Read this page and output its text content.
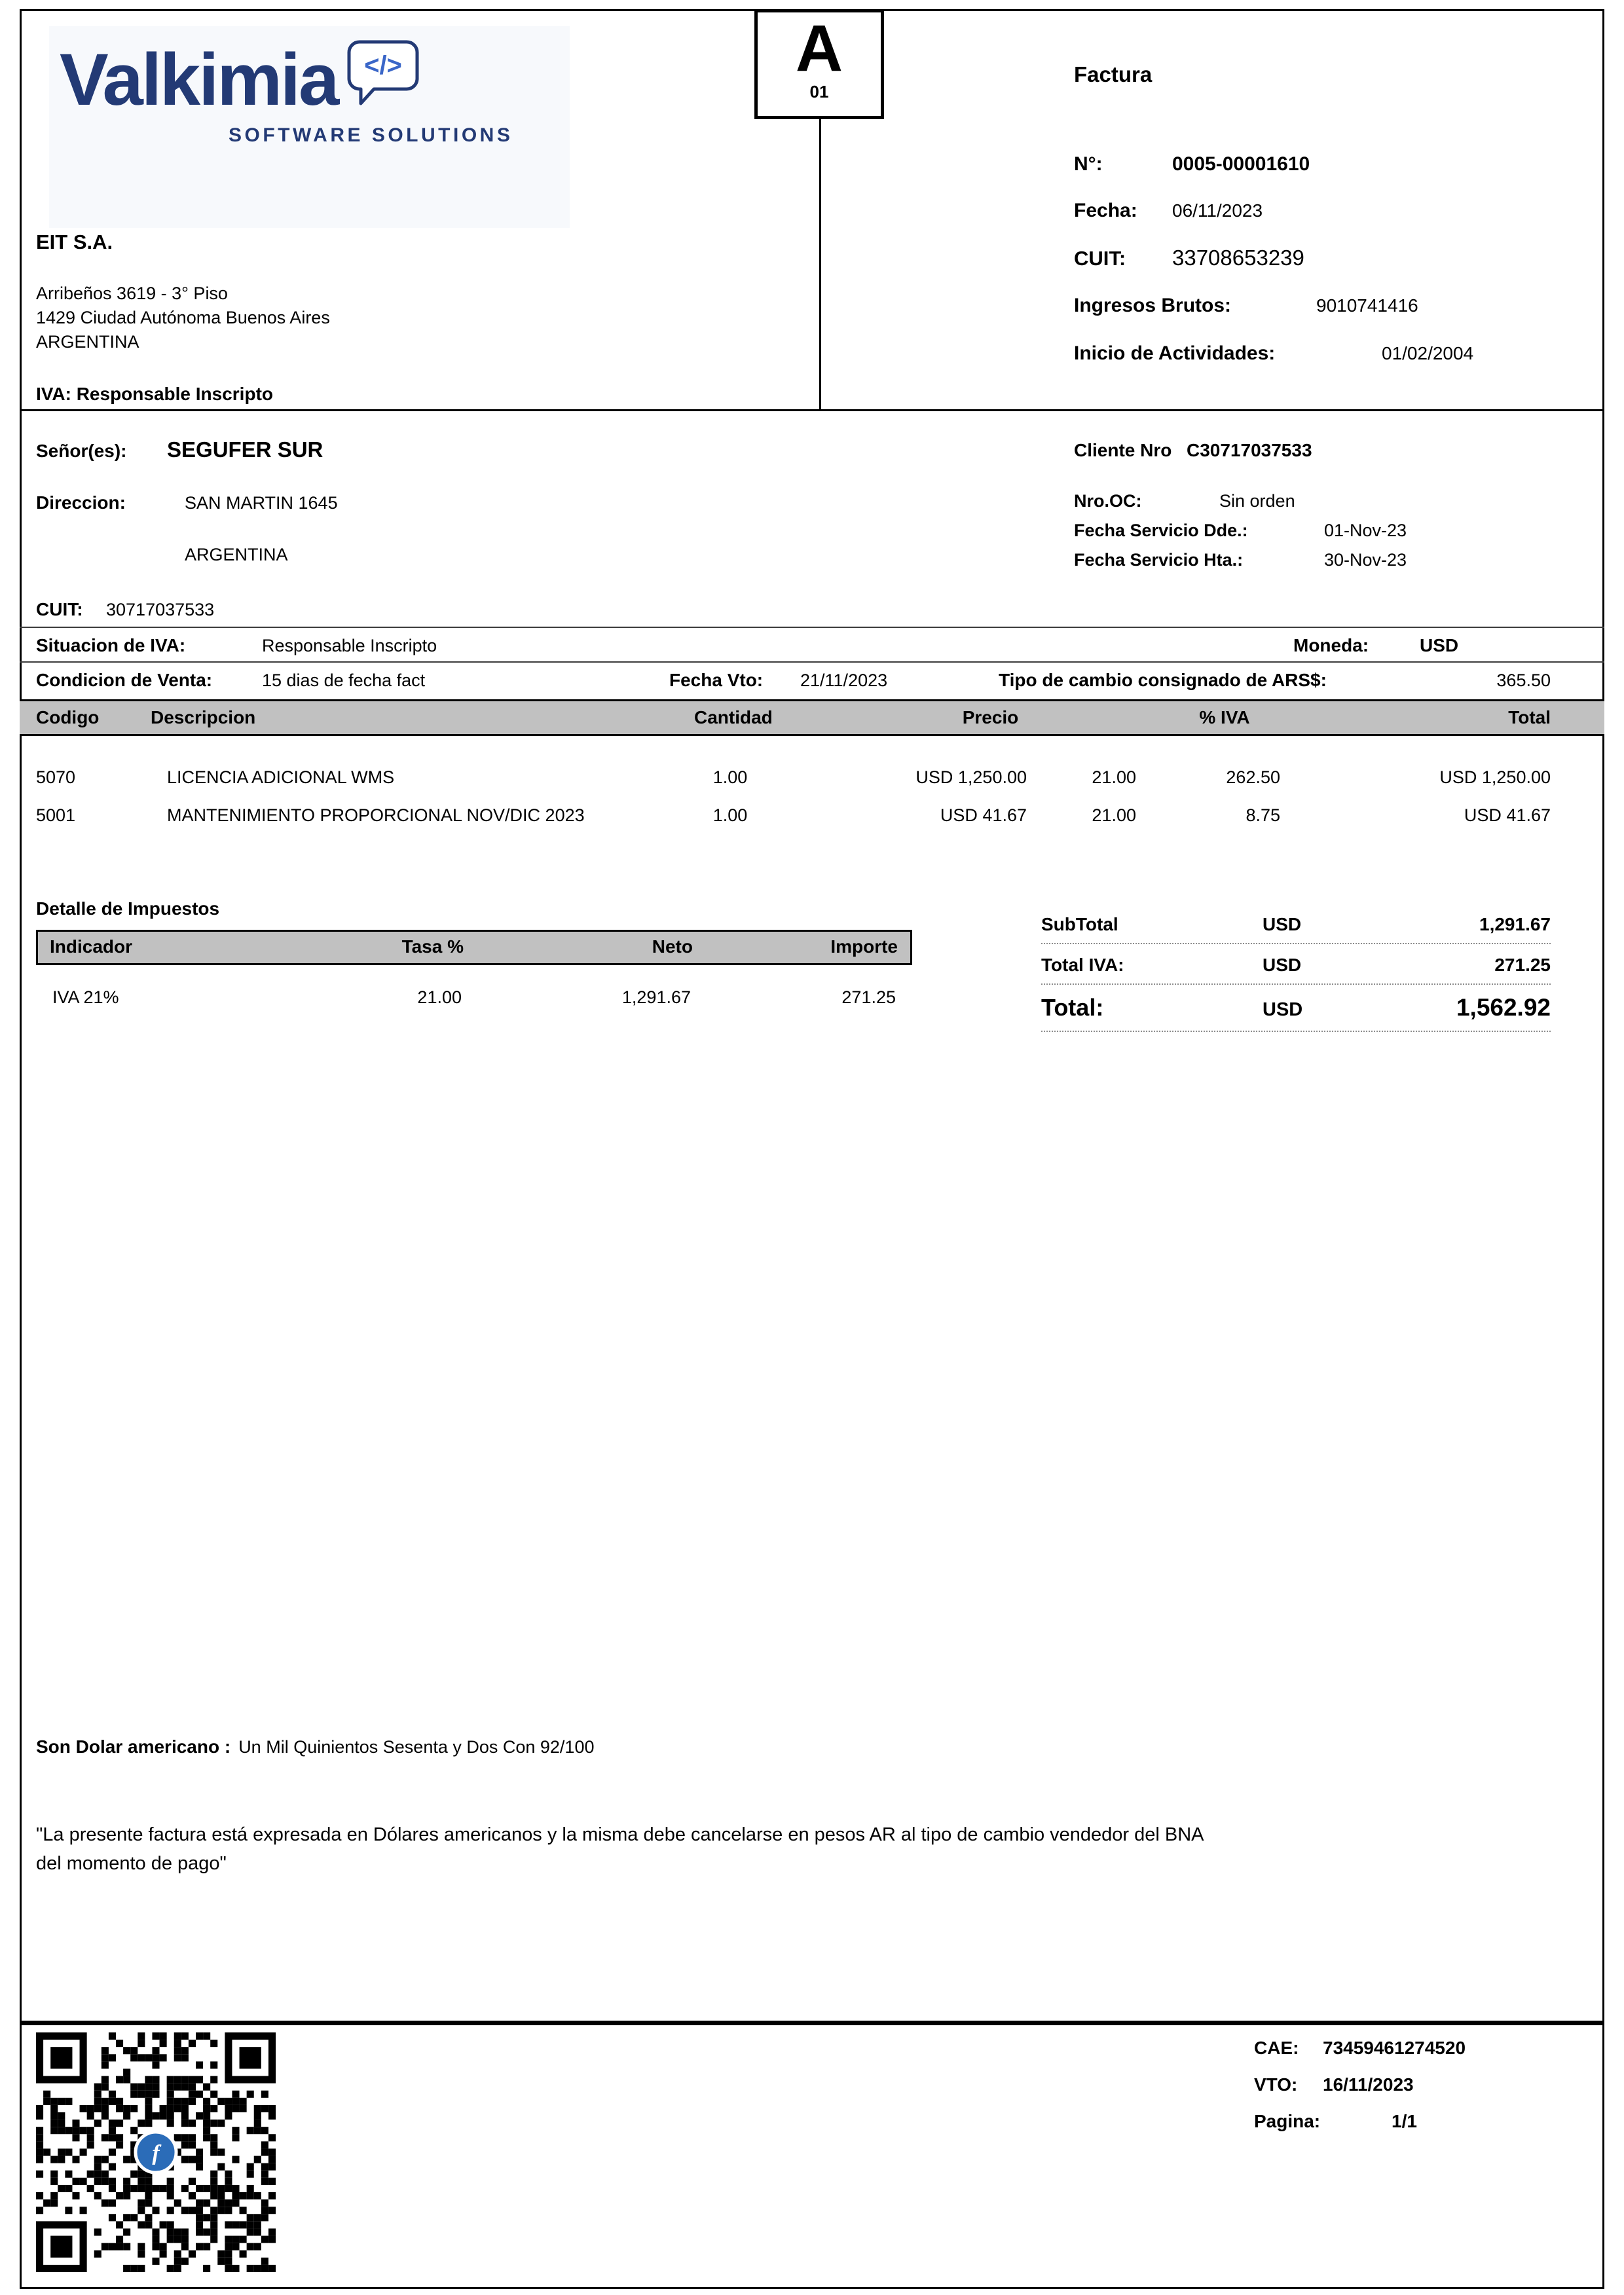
Valkimia </>
SOFTWARE SOLUTIONS
EIT S.A.
Arribeños 3619 - 3° Piso
1429 Ciudad Autónoma Buenos Aires
ARGENTINA
IVA: Responsable Inscripto
A
01
Factura
N°:	0005-00001610
Fecha:	06/11/2023
CUIT:	33708653239
Ingresos Brutos:	9010741416
Inicio de Actividades:	01/02/2004
Señor(es):	SEGUFER SUR	Cliente Nro C30717037533
Direccion:	SAN MARTIN 1645	Nro.OC:	Sin orden
Fecha Servicio Dde.:	01-Nov-23
ARGENTINA	Fecha Servicio Hta.:	30-Nov-23
CUIT:	30717037533
Situacion de IVA:	Responsable Inscripto	Moneda:	USD
Condicion de Venta:	15 dias de fecha fact	Fecha Vto:	21/11/2023	Tipo de cambio consignado de ARS$:	365.50
Codigo	Descripcion	Cantidad	Precio	% IVA	Total
5070	LICENCIA ADICIONAL WMS	1.00	USD 1,250.00	21.00	262.50	USD 1,250.00
5001	MANTENIMIENTO PROPORCIONAL NOV/DIC 2023	1.00	USD 41.67	21.00	8.75	USD 41.67
Detalle de Impuestos
Indicador	Tasa %	Neto	Importe
IVA 21%	21.00	1,291.67	271.25
SubTotal	USD	1,291.67
Total IVA:	USD	271.25
Total:	USD	1,562.92
Son Dolar americano : Un Mil Quinientos Sesenta y Dos Con 92/100
"La presente factura está expresada en Dólares americanos y la misma debe cancelarse en pesos AR al tipo de cambio vendedor del BNA del momento de pago"
f
CAE:	73459461274520
VTO:	16/11/2023
Pagina:	1/1
